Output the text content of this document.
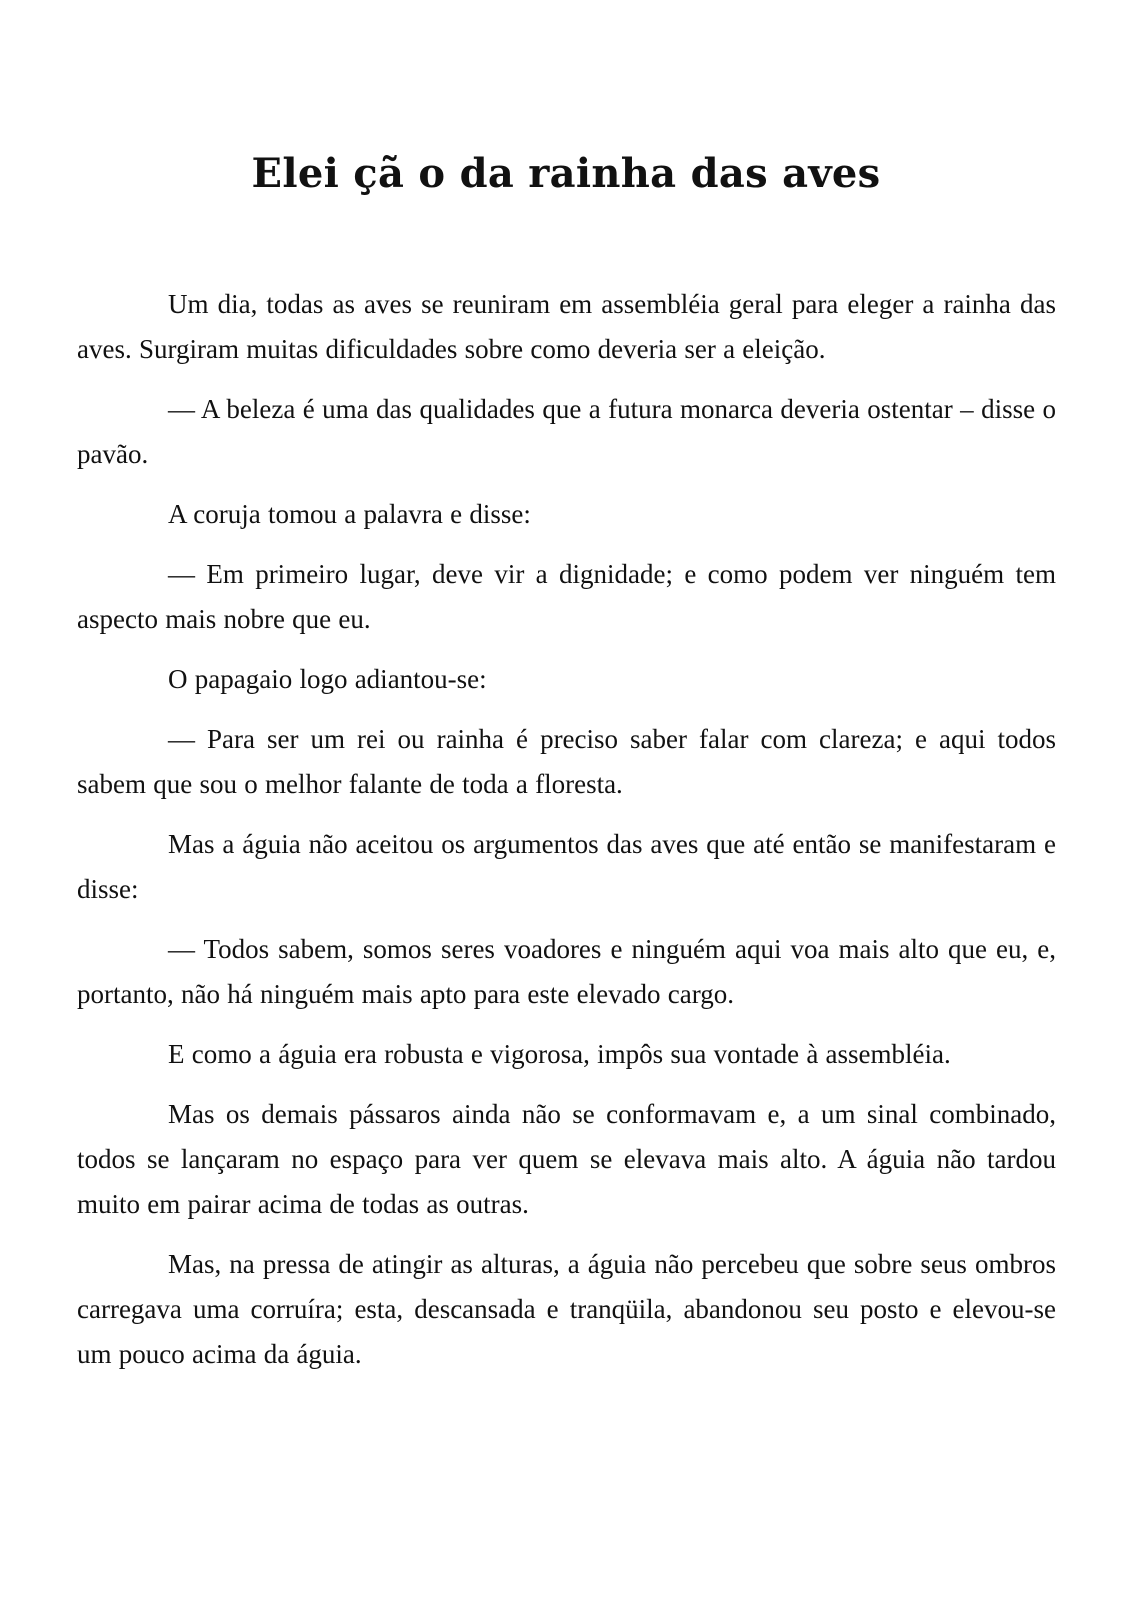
Elei çã o da rainha das aves

Um dia, todas as aves se reuniram em assembléia geral para eleger a rainha das aves. Surgiram muitas dificuldades sobre como deveria ser a eleição.

— A beleza é uma das qualidades que a futura monarca deveria ostentar – disse o pavão.

A coruja tomou a palavra e disse:

— Em primeiro lugar, deve vir a dignidade; e como podem ver ninguém tem aspecto mais nobre que eu.

O papagaio logo adiantou-se:

— Para ser um rei ou rainha é preciso saber falar com clareza; e aqui todos sabem que sou o melhor falante de toda a floresta.

Mas a águia não aceitou os argumentos das aves que até então se manifestaram e disse:

— Todos sabem, somos seres voadores e ninguém aqui voa mais alto que eu, e, portanto, não há ninguém mais apto para este elevado cargo.

E como a águia era robusta e vigorosa, impôs sua vontade à assembléia.

Mas os demais pássaros ainda não se conformavam e, a um sinal combinado, todos se lançaram no espaço para ver quem se elevava mais alto. A águia não tardou muito em pairar acima de todas as outras.

Mas, na pressa de atingir as alturas, a águia não percebeu que sobre seus ombros carregava uma corruíra; esta, descansada e tranqüila, abandonou seu posto e elevou-se um pouco acima da águia.
